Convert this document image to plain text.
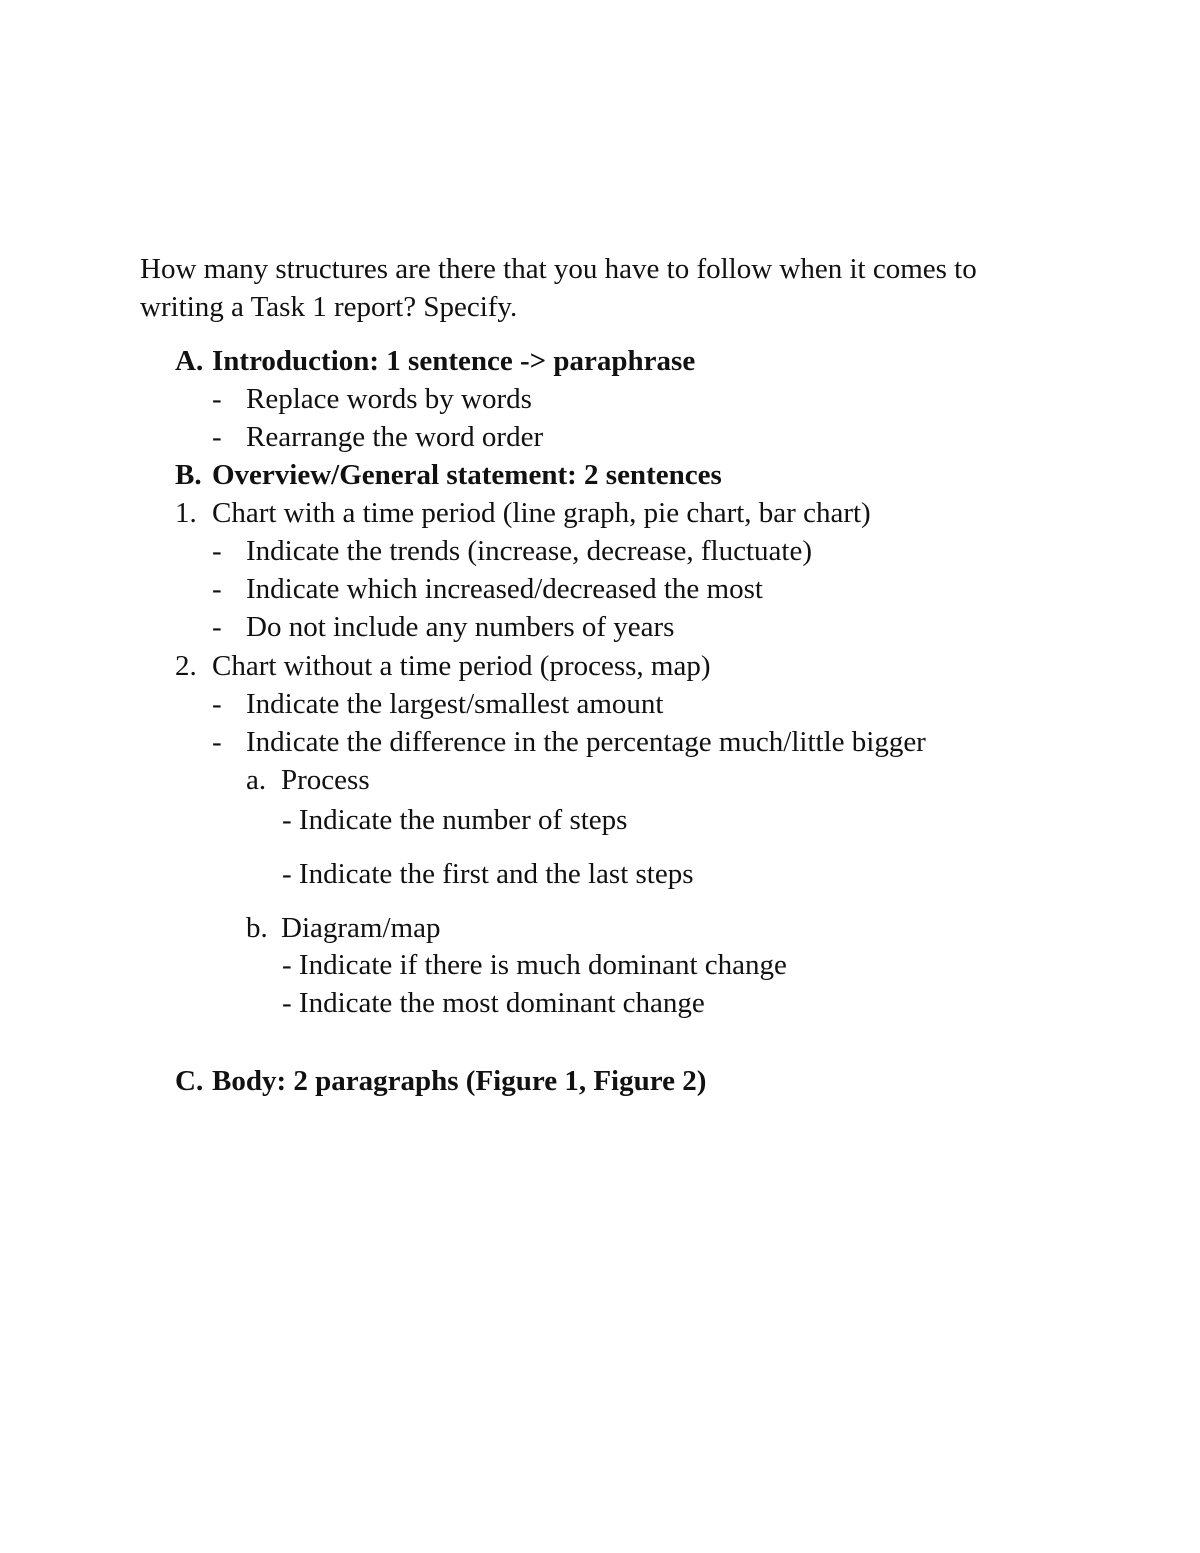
How many structures are there that you have to follow when it comes to
writing a Task 1 report? Specify.
A. Introduction: 1 sentence -> paraphrase
- Replace words by words
- Rearrange the word order
B. Overview/General statement: 2 sentences
1. Chart with a time period (line graph, pie chart, bar chart)
- Indicate the trends (increase, decrease, fluctuate)
- Indicate which increased/decreased the most
- Do not include any numbers of years
2. Chart without a time period (process, map)
- Indicate the largest/smallest amount
- Indicate the difference in the percentage much/little bigger
a. Process
- Indicate the number of steps
- Indicate the first and the last steps
b. Diagram/map
- Indicate if there is much dominant change
- Indicate the most dominant change
C. Body: 2 paragraphs (Figure 1, Figure 2)
